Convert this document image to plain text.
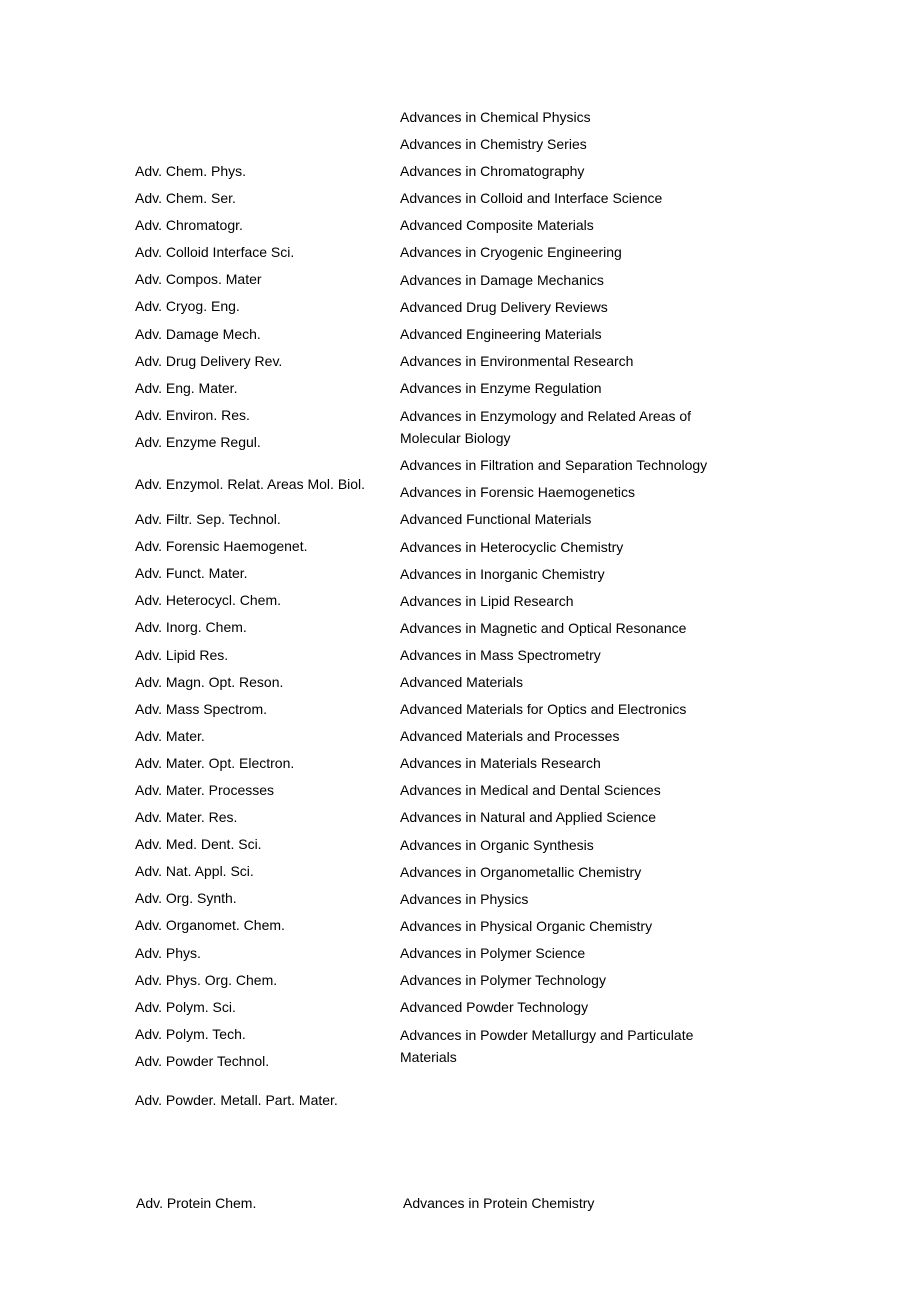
Adv. Chem. Phys.
Adv. Chem. Ser.
Adv. Chromatogr.
Adv. Colloid Interface Sci.
Adv. Compos. Mater
Adv. Cryog. Eng.
Adv. Damage Mech.
Adv. Drug Delivery Rev.
Adv. Eng. Mater.
Adv. Environ. Res.
Adv. Enzyme Regul.
Adv. Enzymol. Relat. Areas Mol. Biol.
Adv. Filtr. Sep. Technol.
Adv. Forensic Haemogenet.
Adv. Funct. Mater.
Adv. Heterocycl. Chem.
Adv. Inorg. Chem.
Adv. Lipid Res.
Adv. Magn. Opt. Reson.
Adv. Mass Spectrom.
Adv. Mater.
Adv. Mater. Opt. Electron.
Adv. Mater. Processes
Adv. Mater. Res.
Adv. Med. Dent. Sci.
Adv. Nat. Appl. Sci.
Adv. Org. Synth.
Adv. Organomet. Chem.
Adv. Phys.
Adv. Phys. Org. Chem.
Adv. Polym. Sci.
Adv. Polym. Tech.
Adv. Powder Technol.
Adv. Powder. Metall. Part. Mater.
Advances in Chemical Physics
Advances in Chemistry Series
Advances in Chromatography
Advances in Colloid and Interface Science
Advanced Composite Materials
Advances in Cryogenic Engineering
Advances in Damage Mechanics
Advanced Drug Delivery Reviews
Advanced Engineering Materials
Advances in Environmental Research
Advances in Enzyme Regulation
Advances in Enzymology and Related Areas of Molecular Biology
Advances in Filtration and Separation Technology
Advances in Forensic Haemogenetics
Advanced Functional Materials
Advances in Heterocyclic Chemistry
Advances in Inorganic Chemistry
Advances in Lipid Research
Advances in Magnetic and Optical Resonance
Advances in Mass Spectrometry
Advanced Materials
Advanced Materials for Optics and Electronics
Advanced Materials and Processes
Advances in Materials Research
Advances in Medical and Dental Sciences
Advances in Natural and Applied Science
Advances in Organic Synthesis
Advances in Organometallic Chemistry
Advances in Physics
Advances in Physical Organic Chemistry
Advances in Polymer Science
Advances in Polymer Technology
Advanced Powder Technology
Advances in Powder Metallurgy and Particulate Materials
Adv. Protein Chem.	Advances in Protein Chemistry
